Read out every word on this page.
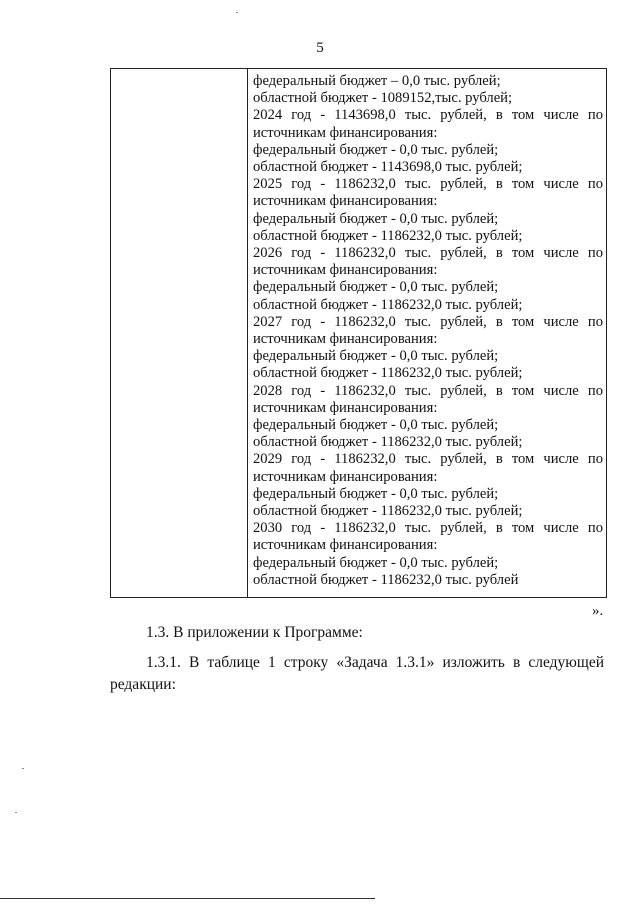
5
федеральный бюджет – 0,0 тыс. рублей;
областной бюджет - 1089152,тыс. рублей;
2024 год - 1143698,0 тыс. рублей, в том числе по
источникам финансирования:
федеральный бюджет - 0,0 тыс. рублей;
областной бюджет - 1143698,0 тыс. рублей;
2025 год - 1186232,0 тыс. рублей, в том числе по
источникам финансирования:
федеральный бюджет - 0,0 тыс. рублей;
областной бюджет - 1186232,0 тыс. рублей;
2026 год - 1186232,0 тыс. рублей, в том числе по
источникам финансирования:
федеральный бюджет - 0,0 тыс. рублей;
областной бюджет - 1186232,0 тыс. рублей;
2027 год - 1186232,0 тыс. рублей, в том числе по
источникам финансирования:
федеральный бюджет - 0,0 тыс. рублей;
областной бюджет - 1186232,0 тыс. рублей;
2028 год - 1186232,0 тыс. рублей, в том числе по
источникам финансирования:
федеральный бюджет - 0,0 тыс. рублей;
областной бюджет - 1186232,0 тыс. рублей;
2029 год - 1186232,0 тыс. рублей, в том числе по
источникам финансирования:
федеральный бюджет - 0,0 тыс. рублей;
областной бюджет - 1186232,0 тыс. рублей;
2030 год - 1186232,0 тыс. рублей, в том числе по
источникам финансирования:
федеральный бюджет - 0,0 тыс. рублей;
областной бюджет - 1186232,0 тыс. рублей
».
1.3. В приложении к Программе:
1.3.1. В таблице 1 строку «Задача 1.3.1» изложить в следующей
редакции:
